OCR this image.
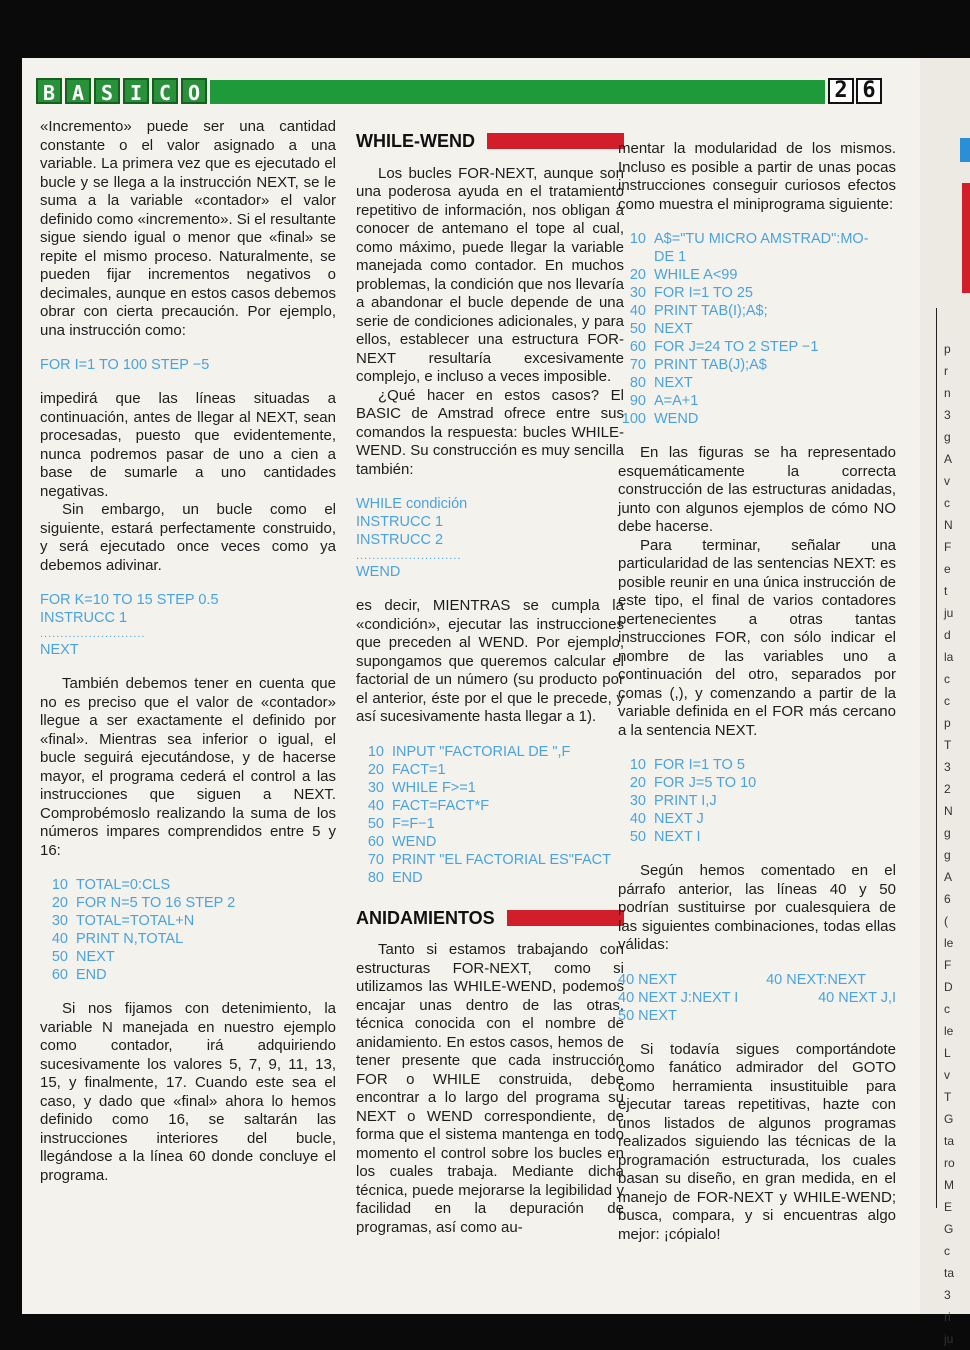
B A S I C O	2 6

«Incremento» puede ser una cantidad constante o el valor asignado a una variable. La primera vez que es ejecutado el bucle y se llega a la instrucción NEXT, se le suma a la variable «contador» el valor definido como «incremento». Si el resultante sigue siendo igual o menor que «final» se repite el mismo proceso. Naturalmente, se pueden fijar incrementos negativos o decimales, aunque en estos casos debemos obrar con cierta precaución. Por ejemplo, una instrucción como:

FOR I=1 TO 100 STEP −5

impedirá que las líneas situadas a continuación, antes de llegar al NEXT, sean procesadas, puesto que evidentemente, nunca podremos pasar de uno a cien a base de sumarle a uno cantidades negativas.

Sin embargo, un bucle como el siguiente, estará perfectamente construido, y será ejecutado once veces como ya debemos adivinar.

FOR K=10 TO 15 STEP 0.5

INSTRUCC 1

..........................

NEXT

También debemos tener en cuenta que no es preciso que el valor de «contador» llegue a ser exactamente el definido por «final». Mientras sea inferior o igual, el bucle seguirá ejecutándose, y de hacerse mayor, el programa cederá el control a las instrucciones que siguen a NEXT. Comprobémoslo realizando la suma de los números impares comprendidos entre 5 y 16:

10 TOTAL=0:CLS

20 FOR N=5 TO 16 STEP 2

30 TOTAL=TOTAL+N

40 PRINT N,TOTAL

50 NEXT

60 END

Si nos fijamos con detenimiento, la variable N manejada en nuestro ejemplo como contador, irá adquiriendo sucesivamente los valores 5, 7, 9, 11, 13, 15, y finalmente, 17. Cuando este sea el caso, y dado que «final» ahora lo hemos definido como 16, se saltarán las instrucciones interiores del bucle, llegándose a la línea 60 donde concluye el programa.

WHILE-WEND

Los bucles FOR-NEXT, aunque son una poderosa ayuda en el tratamiento repetitivo de información, nos obligan a conocer de antemano el tope al cual, como máximo, puede llegar la variable manejada como contador. En muchos problemas, la condición que nos llevaría a abandonar el bucle depende de una serie de condiciones adicionales, y para ellos, establecer una estructura FOR-NEXT resultaría excesivamente complejo, e incluso a veces imposible.

¿Qué hacer en estos casos? El BASIC de Amstrad ofrece entre sus comandos la respuesta: bucles WHILE-WEND. Su construcción es muy sencilla también:

WHILE condición

INSTRUCC 1

INSTRUCC 2

..........................

WEND

es decir, MIENTRAS se cumpla la «condición», ejecutar las instrucciones que preceden al WEND. Por ejemplo, supongamos que queremos calcular el factorial de un número (su producto por el anterior, éste por el que le precede, y así sucesivamente hasta llegar a 1).

10 INPUT "FACTORIAL DE ",F

20 FACT=1

30 WHILE F>=1

40 FACT=FACT*F

50 F=F−1

60 WEND

70 PRINT "EL FACTORIAL ES"FACT

80 END

ANIDAMIENTOS

Tanto si estamos trabajando con estructuras FOR-NEXT, como si utilizamos las WHILE-WEND, podemos encajar unas dentro de las otras, técnica conocida con el nombre de anidamiento. En estos casos, hemos de tener presente que cada instrucción FOR o WHILE construida, debe encontrar a lo largo del programa su NEXT o WEND correspondiente, de forma que el sistema mantenga en todo momento el control sobre los bucles en los cuales trabaja. Mediante dicha técnica, puede mejorarse la legibilidad y facilidad en la depuración de programas, así como au-

mentar la modularidad de los mismos. Incluso es posible a partir de unas pocas instrucciones conseguir curiosos efectos como muestra el miniprograma siguiente:

10 A$="TU MICRO AMSTRAD":MO-

DE 1

20 WHILE A<99

30 FOR I=1 TO 25

40 PRINT TAB(I);A$;

50 NEXT

60 FOR J=24 TO 2 STEP −1

70 PRINT TAB(J);A$

80 NEXT

90 A=A+1

100 WEND

En las figuras se ha representado esquemáticamente la correcta construcción de las estructuras anidadas, junto con algunos ejemplos de cómo NO debe hacerse.

Para terminar, señalar una particularidad de las sentencias NEXT: es posible reunir en una única instrucción de este tipo, el final de varios contadores pertenecientes a otras tantas instrucciones FOR, con sólo indicar el nombre de las variables uno a continuación del otro, separados por comas (,), y comenzando a partir de la variable definida en el FOR más cercano a la sentencia NEXT.

10 FOR I=1 TO 5

20 FOR J=5 TO 10

30 PRINT I,J

40 NEXT J

50 NEXT I

Según hemos comentado en el párrafo anterior, las líneas 40 y 50 podrían sustituirse por cualesquiera de las siguientes combinaciones, todas ellas válidas:

40 NEXT	40 NEXT:NEXT
40 NEXT J:NEXT I	40 NEXT J,I
50 NEXT

Si todavía sigues comportándote como fanático admirador del GOTO como herramienta insustituible para ejecutar tareas repetitivas, hazte con unos listados de algunos programas realizados siguiendo las técnicas de la programación estructurada, los cuales basan su diseño, en gran medida, en el manejo de FOR-NEXT y WHILE-WEND; busca, compara, y si encuentras algo mejor: ¡cópialo!

p
r
n
3
g
A
v
c
N
F
e
t
ju
d
la
c
c
p
T
3
2
N
g
g
A
6
(
le
F
D
c
le
L
v
T
G
ta
ro
M
E
G
c
ta
3
ri
ju
